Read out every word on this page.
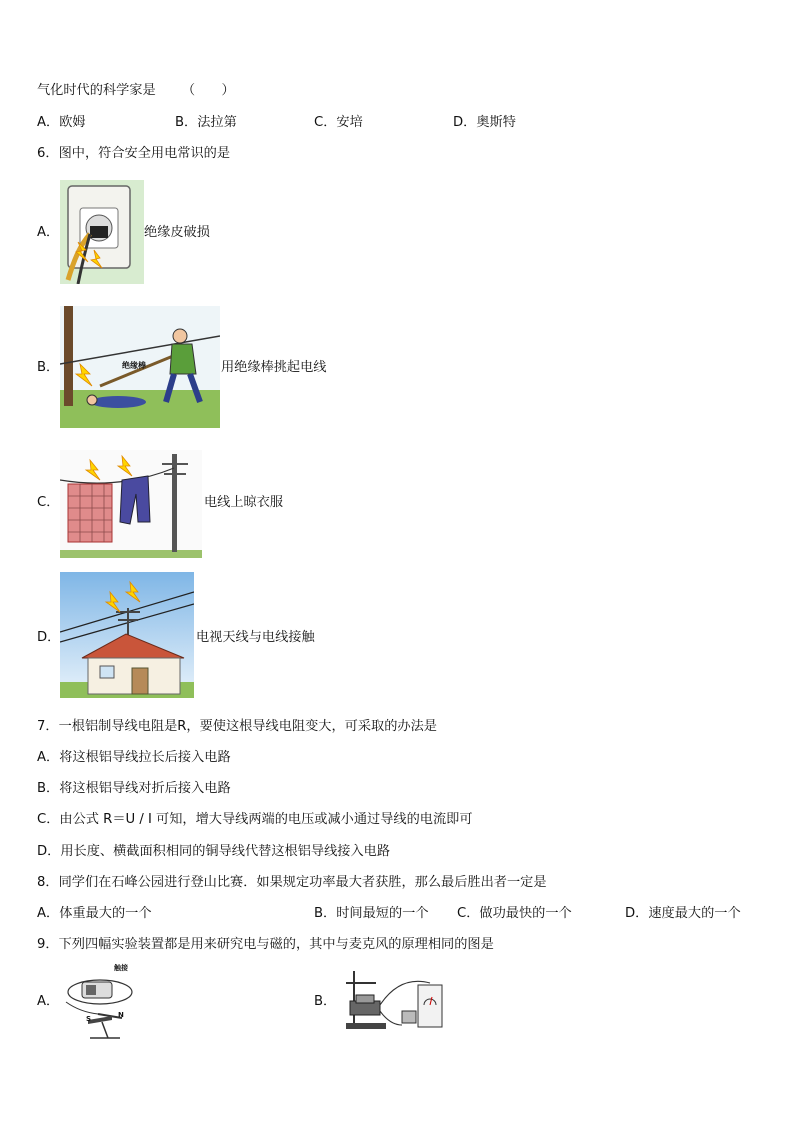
气化时代的科学家是 （　　）
A．欧姆	B．法拉第	C．安培	D．奥斯特
6．图中，符合安全用电常识的是
A．	绝缘皮破损
B．	绝缘棒	用绝缘棒挑起电线
C．	电线上晾衣服
D．	电视天线与电线接触
7．一根铝制导线电阻是R，要使这根导线电阻变大，可采取的办法是
A．将这根铝导线拉长后接入电路
B．将这根铝导线对折后接入电路
C．由公式 R＝U / I 可知，增大导线两端的电压或减小通过导线的电流即可
D．用长度、横截面积相同的铜导线代替这根铝导线接入电路
8．同学们在石峰公园进行登山比赛．如果规定功率最大者获胜，那么最后胜出者一定是
A．体重最大的一个	B．时间最短的一个 C．做功最快的一个	D．速度最大的一个
9．下列四幅实验装置都是用来研究电与磁的，其中与麦克风的原理相同的图是
A．
触接
S	N
B．
